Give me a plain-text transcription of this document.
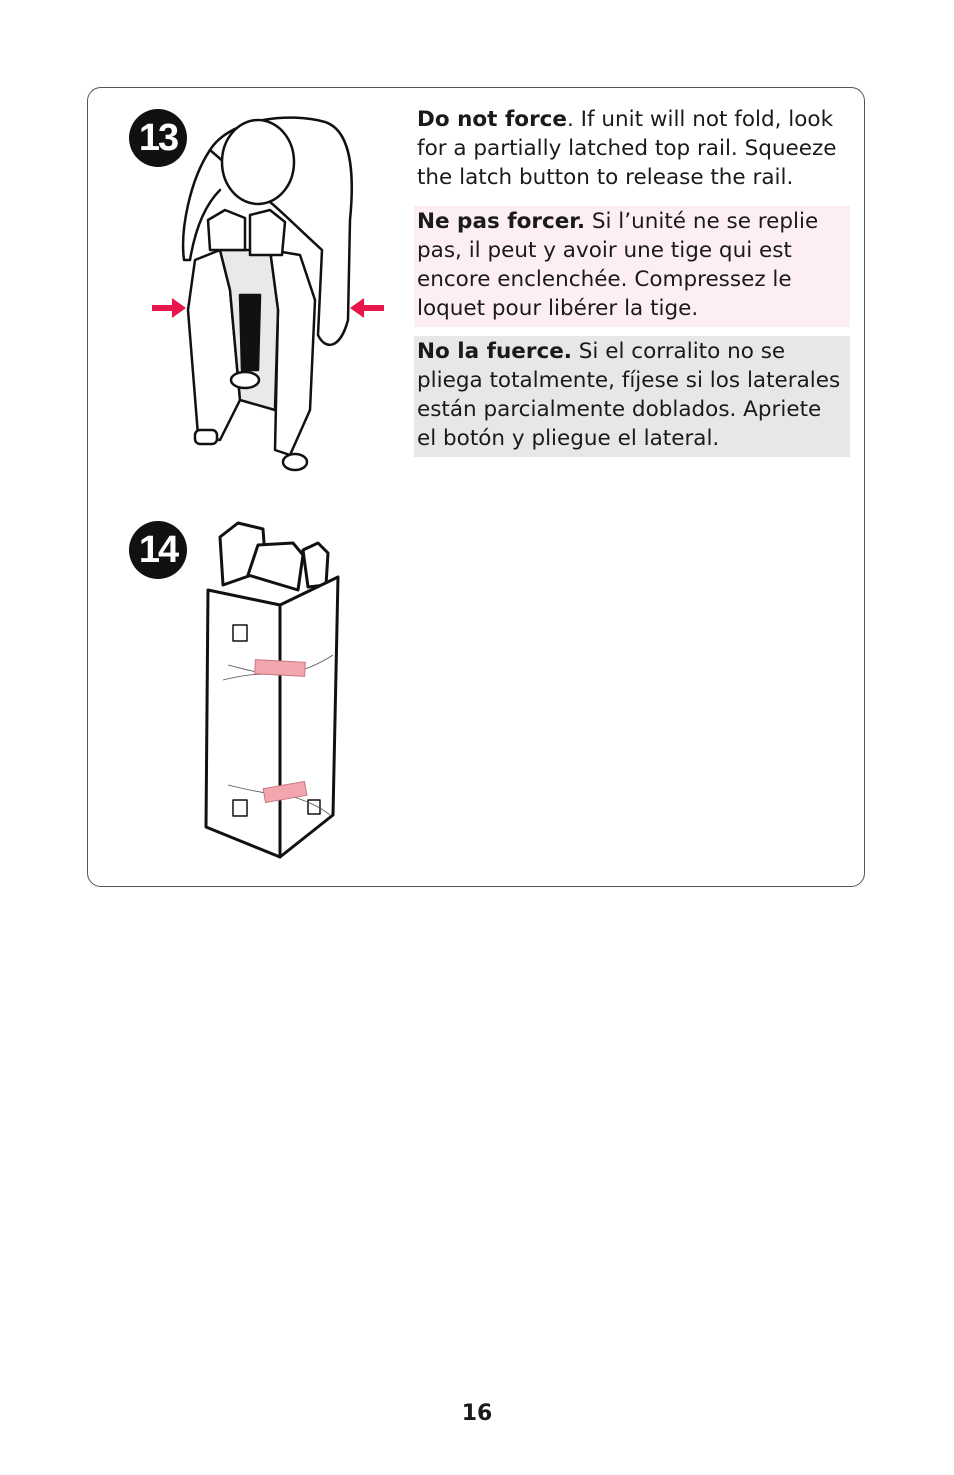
13	Do not force. If unit will not fold, look for a partially latched top rail. Squeeze the latch button to release the rail.
Ne pas forcer. Si l’unité ne se replie pas, il peut y avoir une tige qui est encore enclenchée. Compressez le loquet pour libérer la tige.
No la fuerce. Si el corralito no se pliega totalmente, fíjese si los laterales están parcialmente doblados. Apriete el botón y pliegue el lateral.
14
16
